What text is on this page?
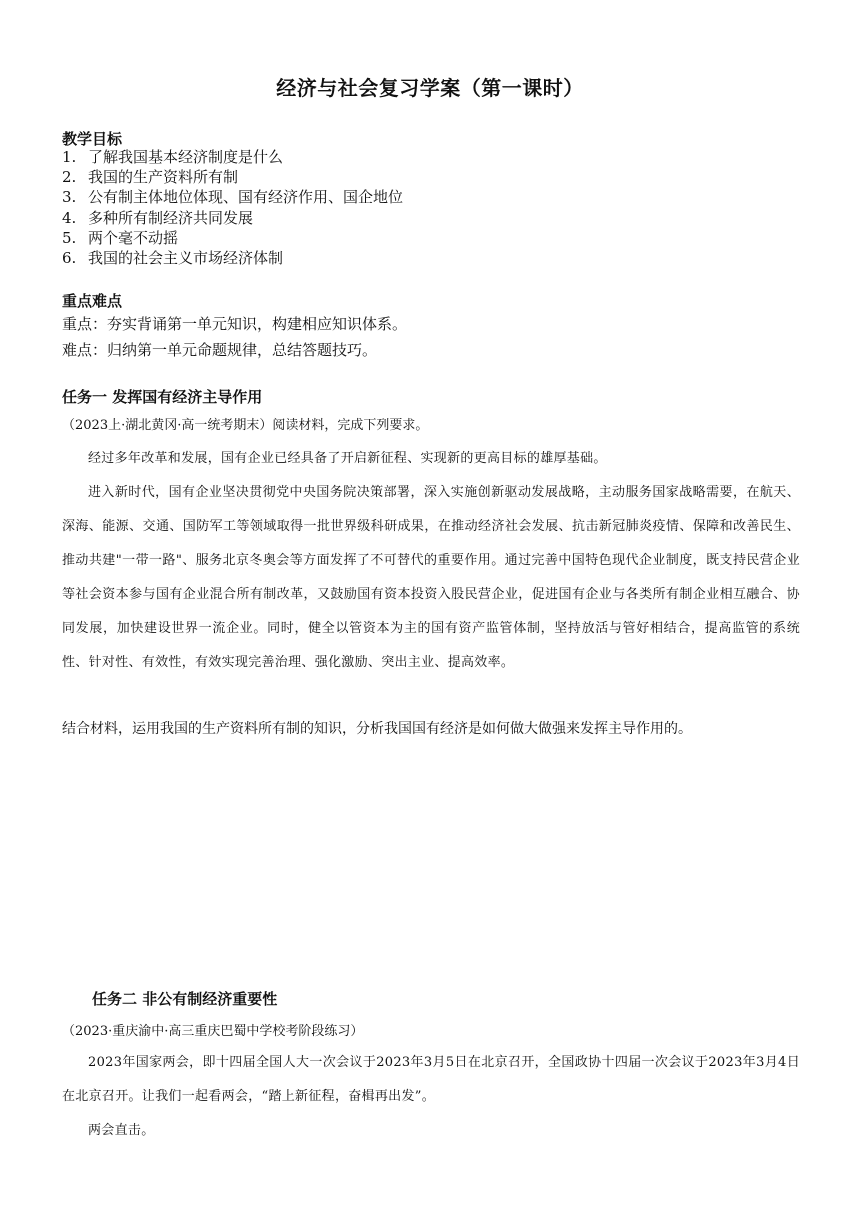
经济与社会复习学案（第一课时）
教学目标
1. 了解我国基本经济制度是什么
2. 我国的生产资料所有制
3. 公有制主体地位体现、国有经济作用、国企地位
4. 多种所有制经济共同发展
5. 两个毫不动摇
6. 我国的社会主义市场经济体制
重点难点
重点：夯实背诵第一单元知识，构建相应知识体系。
难点：归纳第一单元命题规律，总结答题技巧。
任务一 发挥国有经济主导作用
（2023上·湖北黄冈·高一统考期末）阅读材料，完成下列要求。

经过多年改革和发展，国有企业已经具备了开启新征程、实现新的更高目标的雄厚基础。

进入新时代，国有企业坚决贯彻党中央国务院决策部署，深入实施创新驱动发展战略，主动服务国家战略需要，在航天、深海、能源、交通、国防军工等领域取得一批世界级科研成果，在推动经济社会发展、抗击新冠肺炎疫情、保障和改善民生、推动共建"一带一路"、服务北京冬奥会等方面发挥了不可替代的重要作用。通过完善中国特色现代企业制度，既支持民营企业等社会资本参与国有企业混合所有制改革，又鼓励国有资本投资入股民营企业，促进国有企业与各类所有制企业相互融合、协同发展，加快建设世界一流企业。同时，健全以管资本为主的国有资产监管体制，坚持放活与管好相结合，提高监管的系统性、针对性、有效性，有效实现完善治理、强化激励、突出主业、提高效率。

结合材料，运用我国的生产资料所有制的知识，分析我国国有经济是如何做大做强来发挥主导作用的。
任务二 非公有制经济重要性
（2023·重庆渝中·高三重庆巴蜀中学校考阶段练习）

2023年国家两会，即十四届全国人大一次会议于2023年3月5日在北京召开，全国政协十四届一次会议于2023年3月4日在北京召开。让我们一起看两会，“踏上新征程，奋楫再出发”。

两会直击。
